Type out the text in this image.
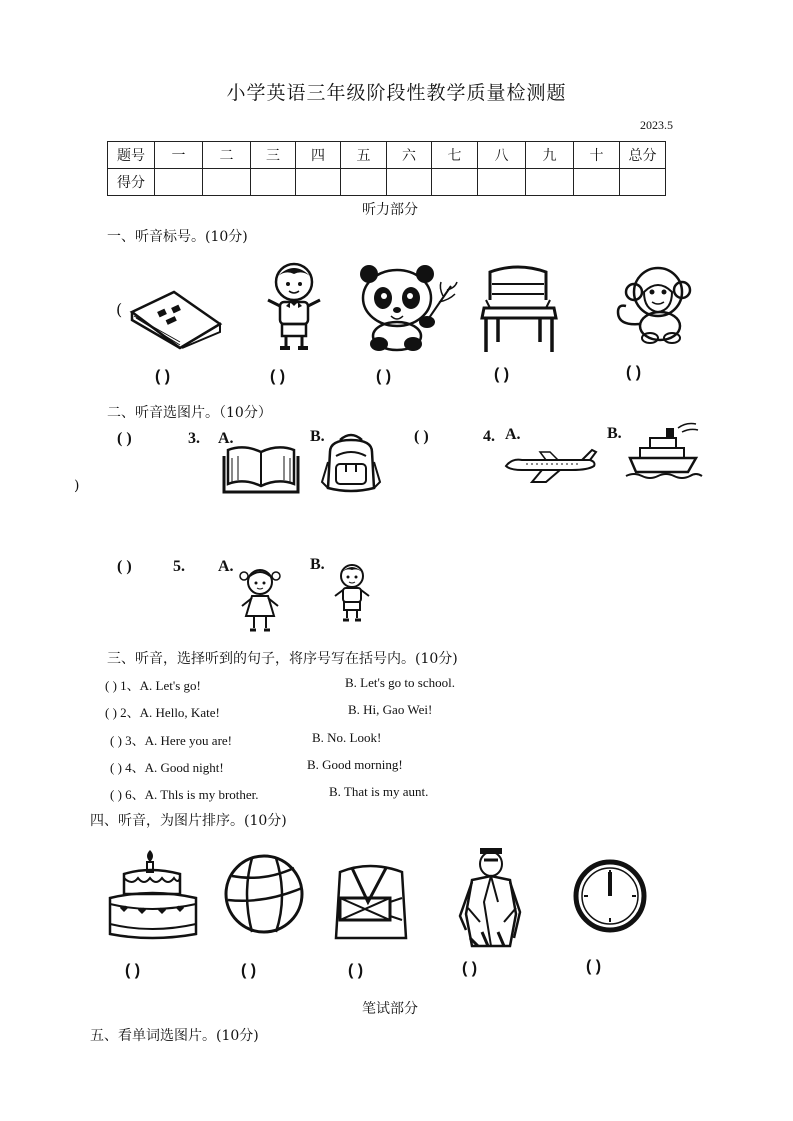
小学英语三年级阶段性教学质量检测题
2023.5
题号	一	二	三	四	五	六	七	八	九	十	总分
得分											
听力部分
一、听音标号。(10分)
(
( )	( )	( )	( )	( )
二、听音选图片。（10分）
( )	3. A.	B.	( )	4. A.	B.
)
( )	5. A.	B.
三、听音，选择听到的句子，将序号写在括号内。(10分)
( ) 1、A. Let's go!	B. Let's go to school.
( ) 2、A. Hello, Kate!	B. Hi, Gao Wei!
( ) 3、A. Here you are!	B. No. Look!
( ) 4、A. Good night!	B. Good morning!
( ) 6、A. Thls is my brother.	B. That is my aunt.
四、听音，为图片排序。(10分)
( )	( )	( )	( )	( )
笔试部分
五、看单词选图片。(10分)
